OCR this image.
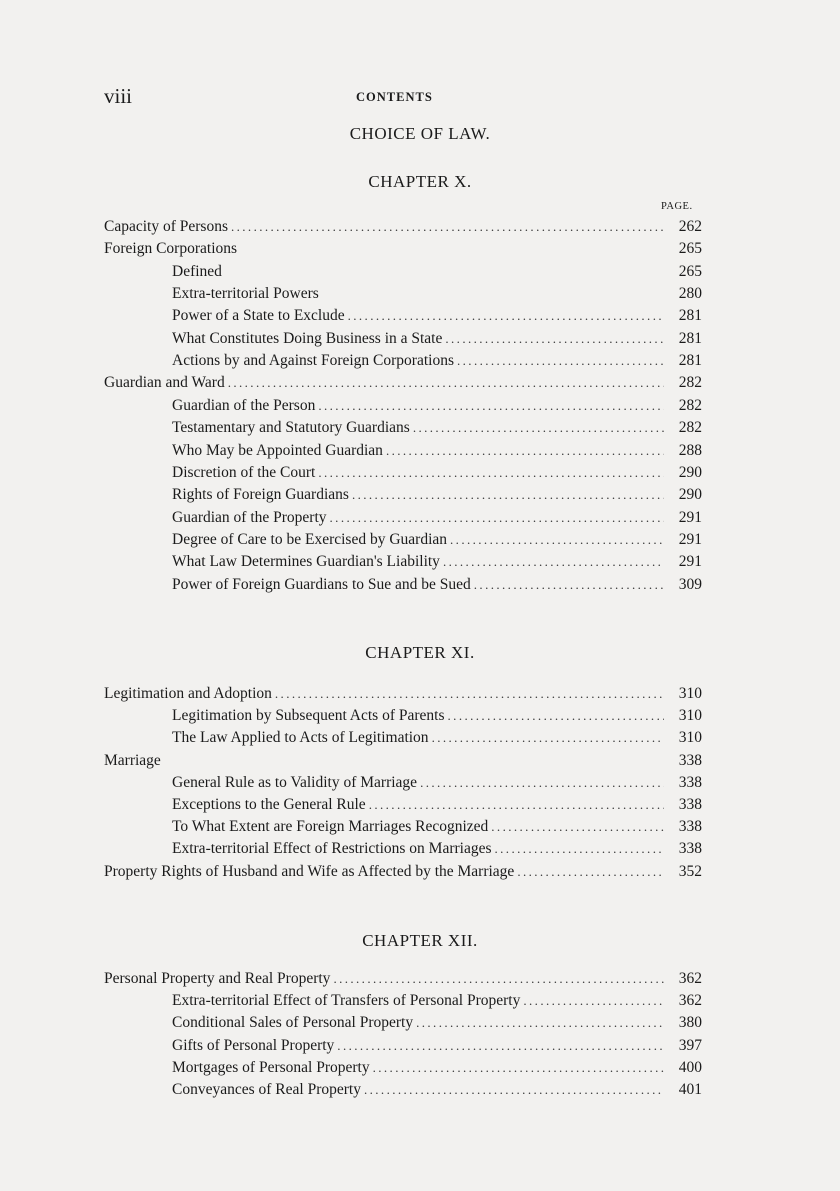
viii	CONTENTS
CHOICE OF LAW.
CHAPTER X.
PAGE.
Capacity of Persons .....	262
Foreign Corporations	265
Defined	265
Extra-territorial Powers	280
Power of a State to Exclude .....	281
What Constitutes Doing Business in a State .....	281
Actions by and Against Foreign Corporations .....	281
Guardian and Ward .....	282
Guardian of the Person .....	282
Testamentary and Statutory Guardians .....	282
Who May be Appointed Guardian .....	288
Discretion of the Court .....	290
Rights of Foreign Guardians .....	290
Guardian of the Property .....	291
Degree of Care to be Exercised by Guardian .....	291
What Law Determines Guardian's Liability .....	291
Power of Foreign Guardians to Sue and be Sued .....	309
CHAPTER XI.
Legitimation and Adoption .....	310
Legitimation by Subsequent Acts of Parents .....	310
The Law Applied to Acts of Legitimation .....	310
Marriage	338
General Rule as to Validity of Marriage .....	338
Exceptions to the General Rule .....	338
To What Extent are Foreign Marriages Recognized .....	338
Extra-territorial Effect of Restrictions on Marriages .....	338
Property Rights of Husband and Wife as Affected by the Marriage .....	352
CHAPTER XII.
Personal Property and Real Property .....	362
Extra-territorial Effect of Transfers of Personal Property .....	362
Conditional Sales of Personal Property .....	380
Gifts of Personal Property .....	397
Mortgages of Personal Property .....	400
Conveyances of Real Property .....	401
